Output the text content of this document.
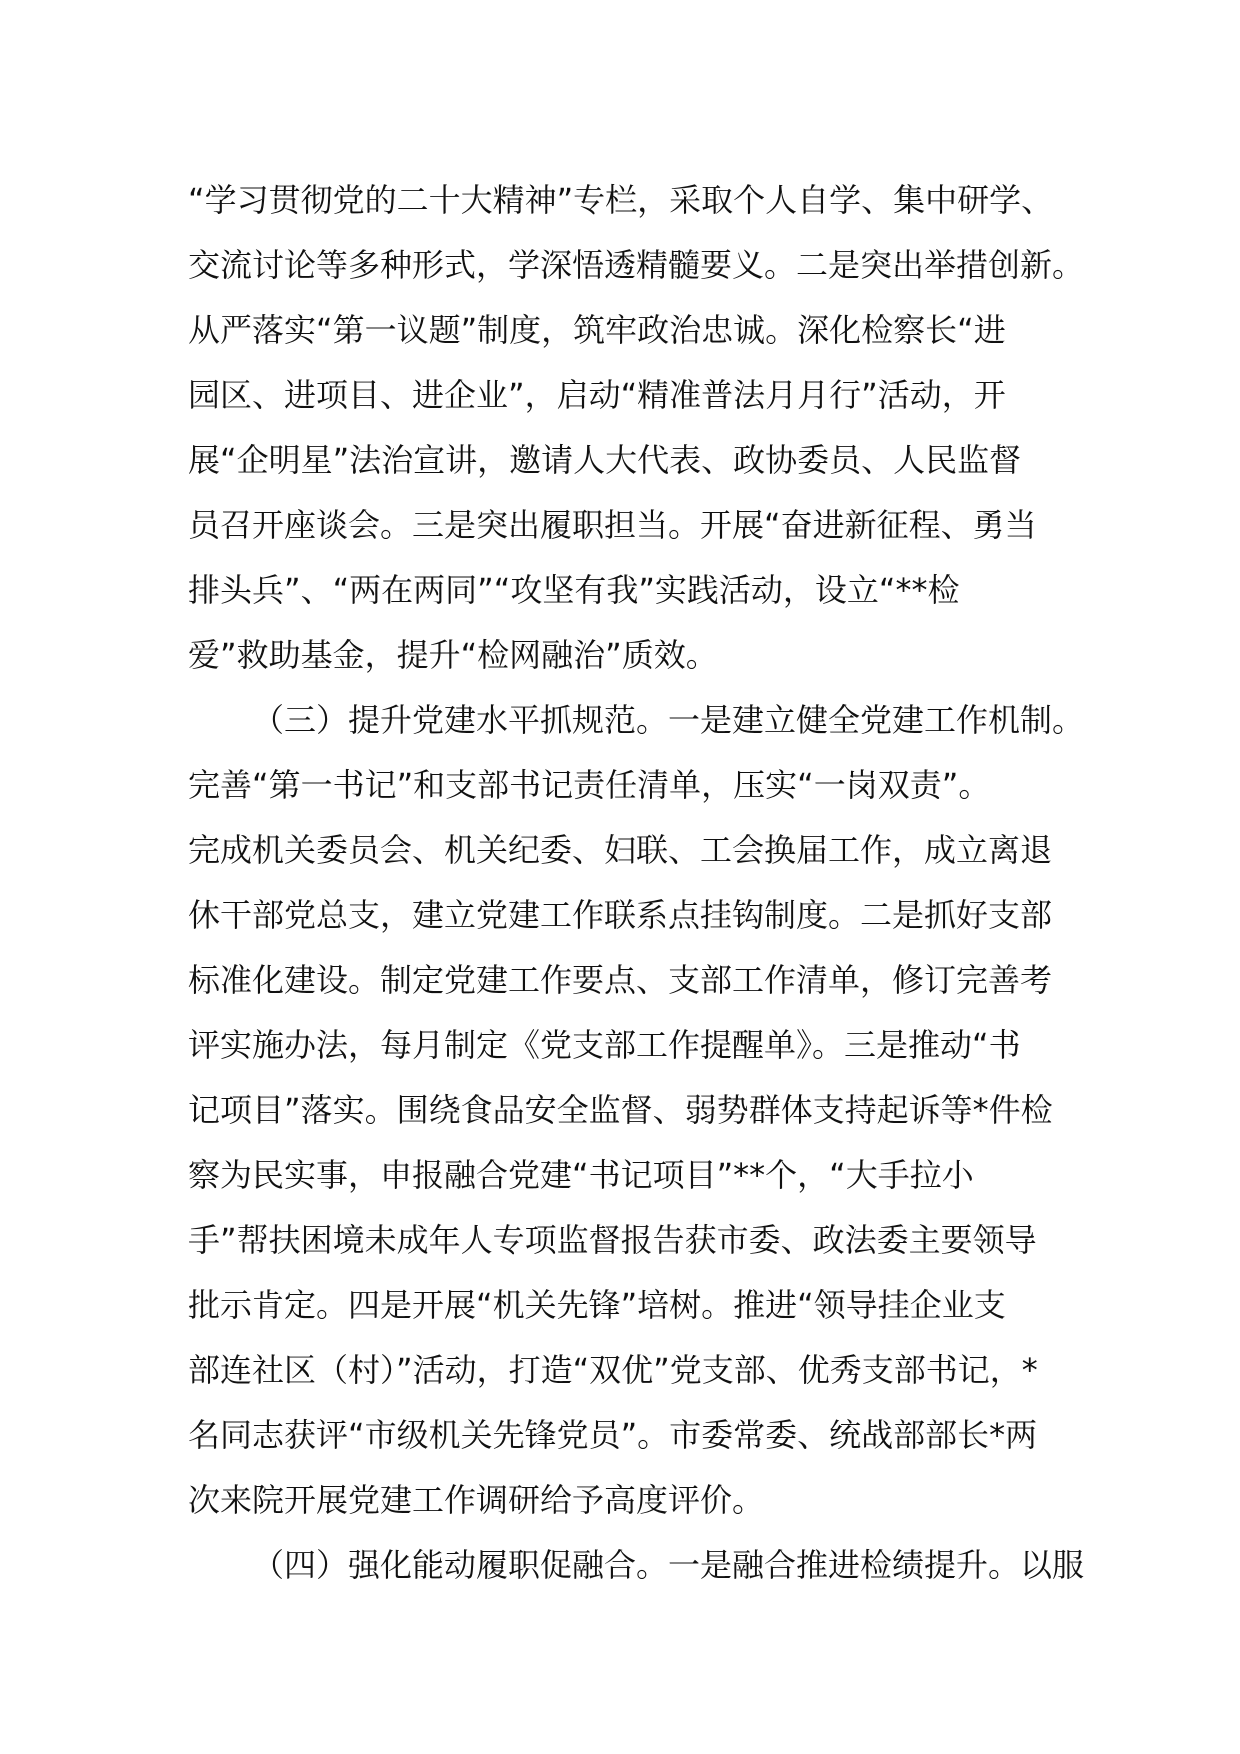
“学习贯彻党的二十大精神”专栏，采取个人自学、集中研学、
交流讨论等多种形式，学深悟透精髓要义。二是突出举措创新。
从严落实“第一议题”制度，筑牢政治忠诚。深化检察长“进
园区、进项目、进企业”，启动“精准普法月月行”活动，开
展“企明星”法治宣讲，邀请人大代表、政协委员、人民监督
员召开座谈会。三是突出履职担当。开展“奋进新征程、勇当
排头兵”、“两在两同”“攻坚有我”实践活动，设立“**检
爱”救助基金，提升“检网融治”质效。

（三）提升党建水平抓规范。一是建立健全党建工作机制。
完善“第一书记”和支部书记责任清单，压实“一岗双责”。
完成机关委员会、机关纪委、妇联、工会换届工作，成立离退
休干部党总支，建立党建工作联系点挂钩制度。二是抓好支部
标准化建设。制定党建工作要点、支部工作清单，修订完善考
评实施办法，每月制定《党支部工作提醒单》。三是推动“书
记项目”落实。围绕食品安全监督、弱势群体支持起诉等*件检
察为民实事，申报融合党建“书记项目”**个，“大手拉小
手”帮扶困境未成年人专项监督报告获市委、政法委主要领导
批示肯定。四是开展“机关先锋”培树。推进“领导挂企业支
部连社区（村）”活动，打造“双优”党支部、优秀支部书记，*
名同志获评“市级机关先锋党员”。市委常委、统战部部长*两
次来院开展党建工作调研给予高度评价。

（四）强化能动履职促融合。一是融合推进检绩提升。以服
